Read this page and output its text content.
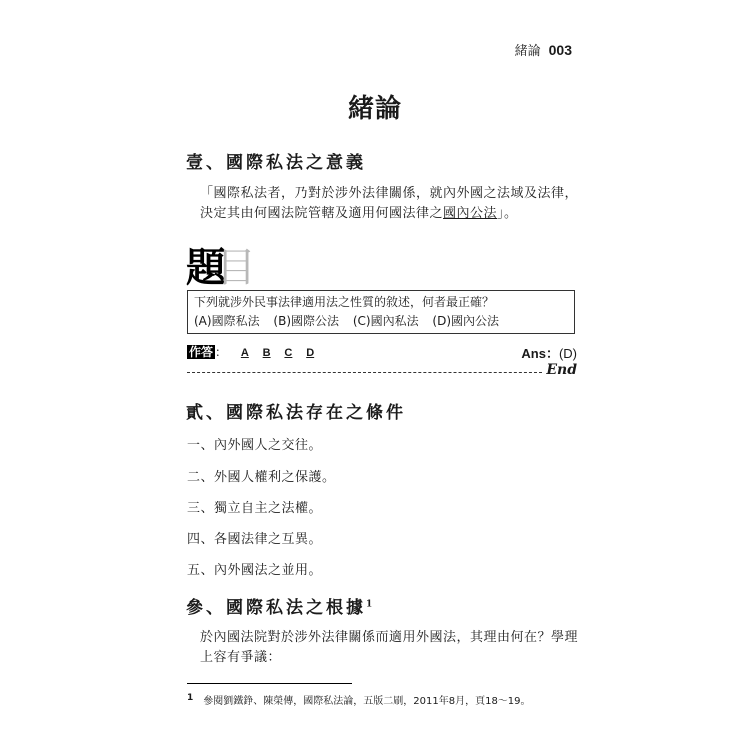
緒論 003
緒論
壹、國際私法之意義
「國際私法者，乃對於涉外法律關係，就內外國之法域及法律，決定其由何國法院管轄及適用何國法律之國內公法」。
題目
下列就涉外民事法律適用法之性質的敘述，何者最正確？
(A)國際私法 (B)國際公法 (C)國內私法 (D)國內公法
作答 ： A B C D	Ans：(D)
End
貳、國際私法存在之條件
一、內外國人之交往。
二、外國人權利之保護。
三、獨立自主之法權。
四、各國法律之互異。
五、內外國法之並用。
參、國際私法之根據$^1$
於內國法院對於涉外法律關係而適用外國法，其理由何在？學理上容有爭議：
1 參閱劉鐵錚、陳榮傳，國際私法論，五版二刷，2011年8月，頁18～19。
